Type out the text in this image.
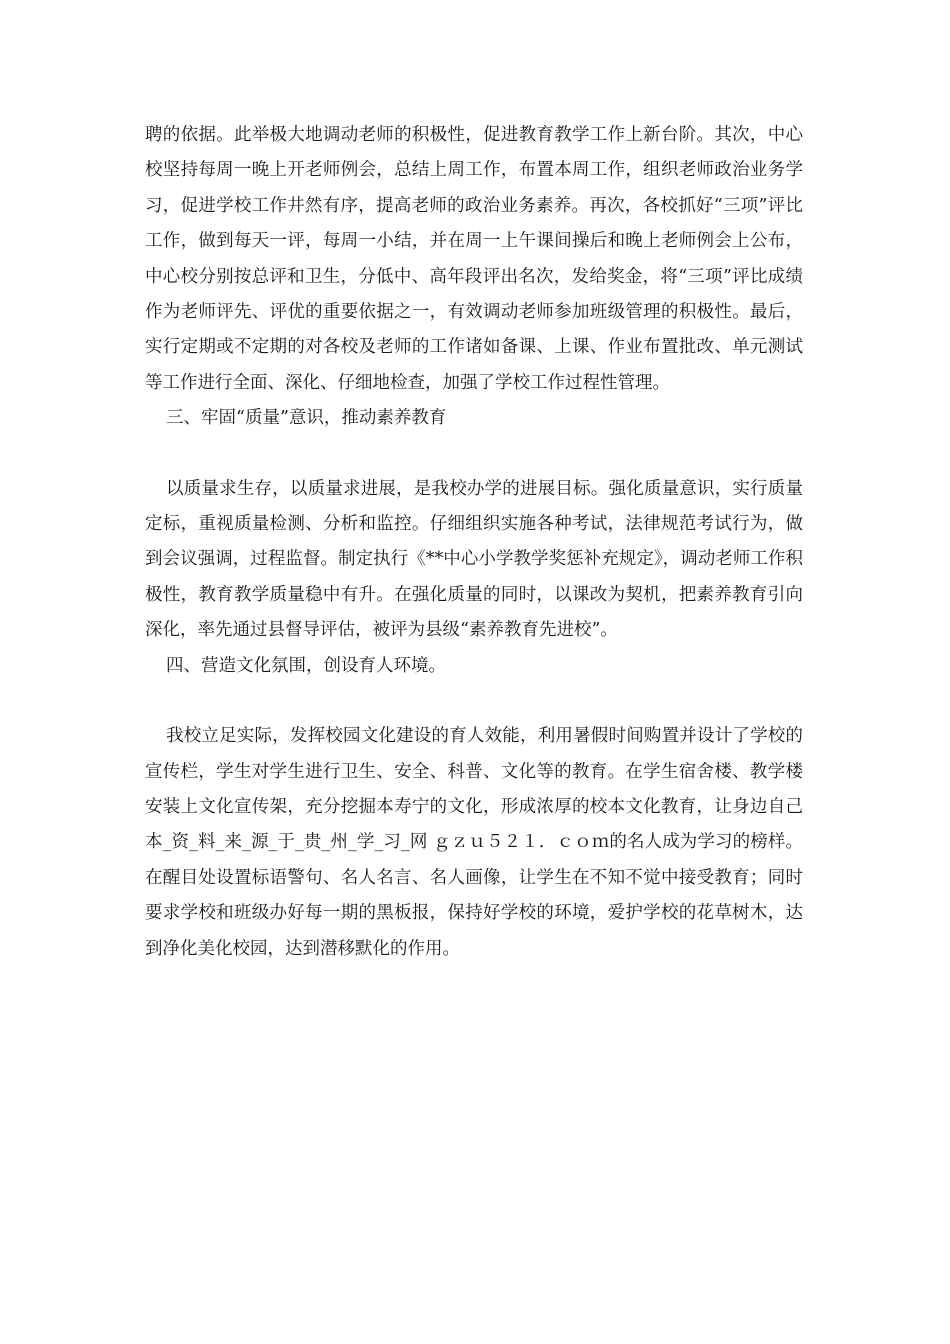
聘的依据。此举极大地调动老师的积极性，促进教育教学工作上新台阶。其次，中心校坚持每周一晚上开老师例会，总结上周工作，布置本周工作，组织老师政治业务学习，促进学校工作井然有序，提高老师的政治业务素养。再次，各校抓好“三项”评比工作，做到每天一评，每周一小结，并在周一上午课间操后和晚上老师例会上公布，中心校分别按总评和卫生，分低中、高年段评出名次，发给奖金，将“三项”评比成绩作为老师评先、评优的重要依据之一，有效调动老师参加班级管理的积极性。最后，实行定期或不定期的对各校及老师的工作诸如备课、上课、作业布置批改、单元测试等工作进行全面、深化、仔细地检查，加强了学校工作过程性管理。

三、牢固“质量”意识，推动素养教育

以质量求生存，以质量求进展，是我校办学的进展目标。强化质量意识，实行质量定标，重视质量检测、分析和监控。仔细组织实施各种考试，法律规范考试行为，做到会议强调，过程监督。制定执行《**中心小学教学奖惩补充规定》，调动老师工作积极性，教育教学质量稳中有升。在强化质量的同时，以课改为契机，把素养教育引向深化，率先通过县督导评估，被评为县级“素养教育先进校”。

四、营造文化氛围，创设育人环境。

我校立足实际，发挥校园文化建设的育人效能，利用暑假时间购置并设计了学校的宣传栏，学生对学生进行卫生、安全、科普、文化等的教育。在学生宿舍楼、教学楼安装上文化宣传架，充分挖掘本寿宁的文化，形成浓厚的校本文化教育，让身边自己本_资_料_来_源_于_贵_州_学_习_网 ｇｚｕ５２１．ｃｏｍ的名人成为学习的榜样。在醒目处设置标语警句、名人名言、名人画像，让学生在不知不觉中接受教育；同时要求学校和班级办好每一期的黑板报，保持好学校的环境，爱护学校的花草树木，达到净化美化校园，达到潜移默化的作用。
